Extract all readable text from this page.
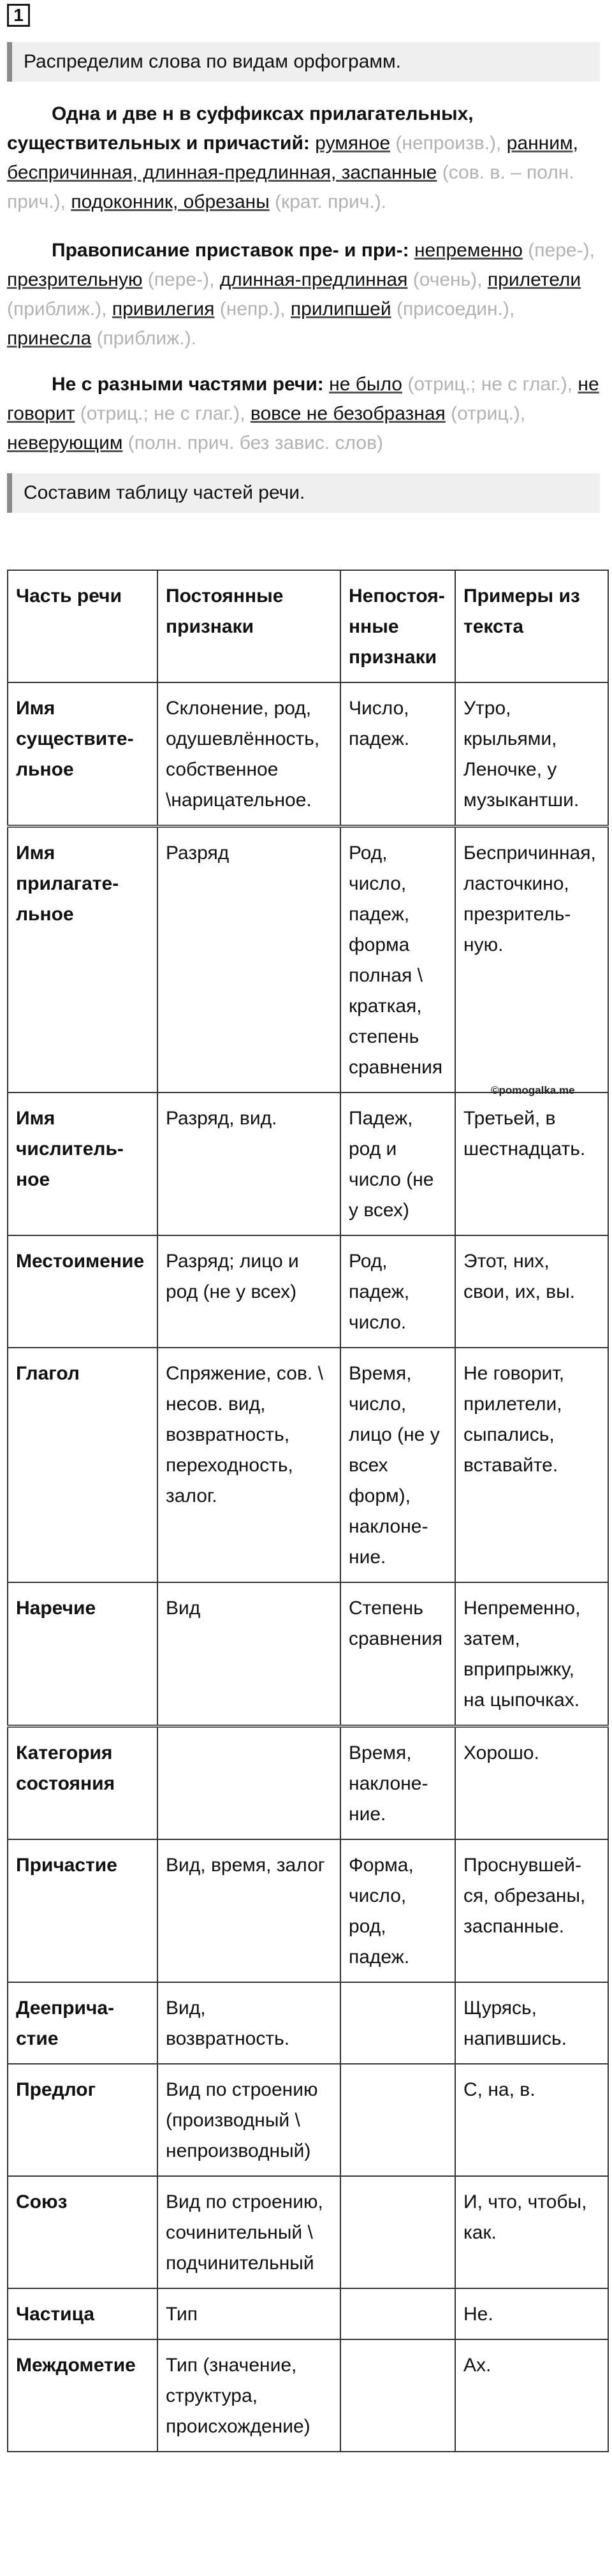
1
Распределим слова по видам орфограмм.
Одна и две н в суффиксах прилагательных, существительных и причастий: румяное (непроизв.), ранним, беспричинная, длинная-предлинная, заспанные (сов. в. – полн. прич.), подоконник, обрезаны (крат. прич.).
Правописание приставок пре- и при-: непременно (пере-), презрительную (пере-), длинная-предлинная (очень), прилетели (приближ.), привилегия (непр.), прилипшей (присоедин.), принесла (приближ.).
Не с разными частями речи: не было (отриц.; не с глаг.), не говорит (отриц.; не с глаг.), вовсе не безобразная (отриц.), неверующим (полн. прич. без завис. слов)
Составим таблицу частей речи.
Часть речи	Постоянные признаки	Непостоянные признаки	Примеры из текста
Имя существительное	Склонение, род, одушевлённость, собственное \нарицательное.	Число, падеж.	Утро, крыльями, Леночке, у музыкантши.
Имя прилагательное	Разряд	Род, число, падеж, форма полная \ краткая, степень сравнения	Беспричинная, ласточкино, презрительную.
Имя числительное	Разряд, вид.	Падеж, род и число (не у всех)	Третьей, в шестнадцать.
Местоимение	Разряд; лицо и род (не у всех)	Род, падеж, число.	Этот, них, свои, их, вы.
Глагол	Спряжение, сов. \ несов. вид, возвратность, переходность, залог.	Время, число, лицо (не у всех форм), наклонение.	Не говорит, прилетели, сыпались, вставайте.
Наречие	Вид	Степень сравнения	Непременно, затем, вприпрыжку, на цыпочках.
Категория состояния		Время, наклонение.	Хорошо.
Причастие	Вид, время, залог	Форма, число, род, падеж.	Проснувшейся, обрезаны, заспанные.
Деепричастие	Вид, возвратность.		Щурясь, напившись.
Предлог	Вид по строению (производный \ непроизводный)		С, на, в.
Союз	Вид по строению, сочинительный \ подчинительный		И, что, чтобы, как.
Частица	Тип		Не.
Междометие	Тип (значение, структура, происхождение)		Ах.
©pomogalka.me
